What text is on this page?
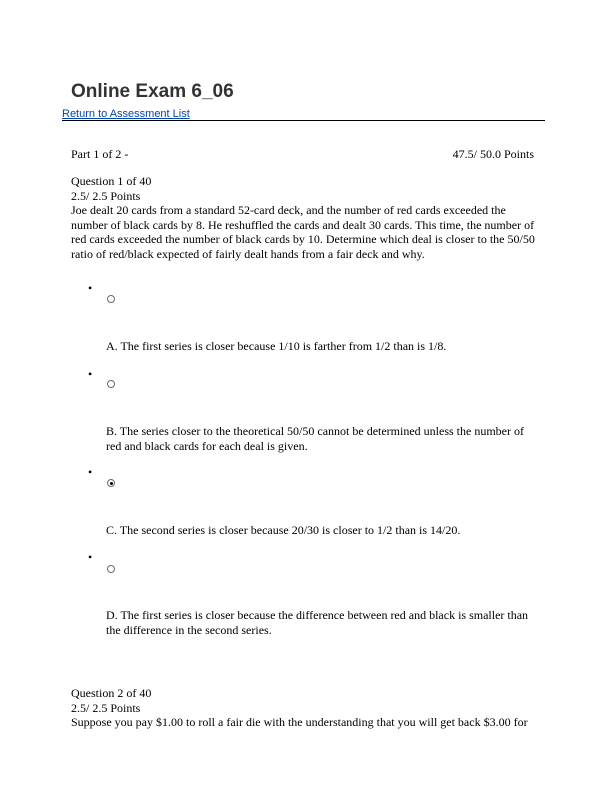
Online Exam 6_06
Return to Assessment List
Part 1 of 2 -	47.5/ 50.0 Points
Question 1 of 40
2.5/ 2.5 Points
Joe dealt 20 cards from a standard 52-card deck, and the number of red cards exceeded the number of black cards by 8. He reshuffled the cards and dealt 30 cards. This time, the number of red cards exceeded the number of black cards by 10. Determine which deal is closer to the 50/50 ratio of red/black expected of fairly dealt hands from a fair deck and why.
•
A. The first series is closer because 1/10 is farther from 1/2 than is 1/8.
•
B. The series closer to the theoretical 50/50 cannot be determined unless the number of red and black cards for each deal is given.
•
C. The second series is closer because 20/30 is closer to 1/2 than is 14/20.
•
D. The first series is closer because the difference between red and black is smaller than the difference in the second series.
Question 2 of 40
2.5/ 2.5 Points
Suppose you pay $1.00 to roll a fair die with the understanding that you will get back $3.00 for
